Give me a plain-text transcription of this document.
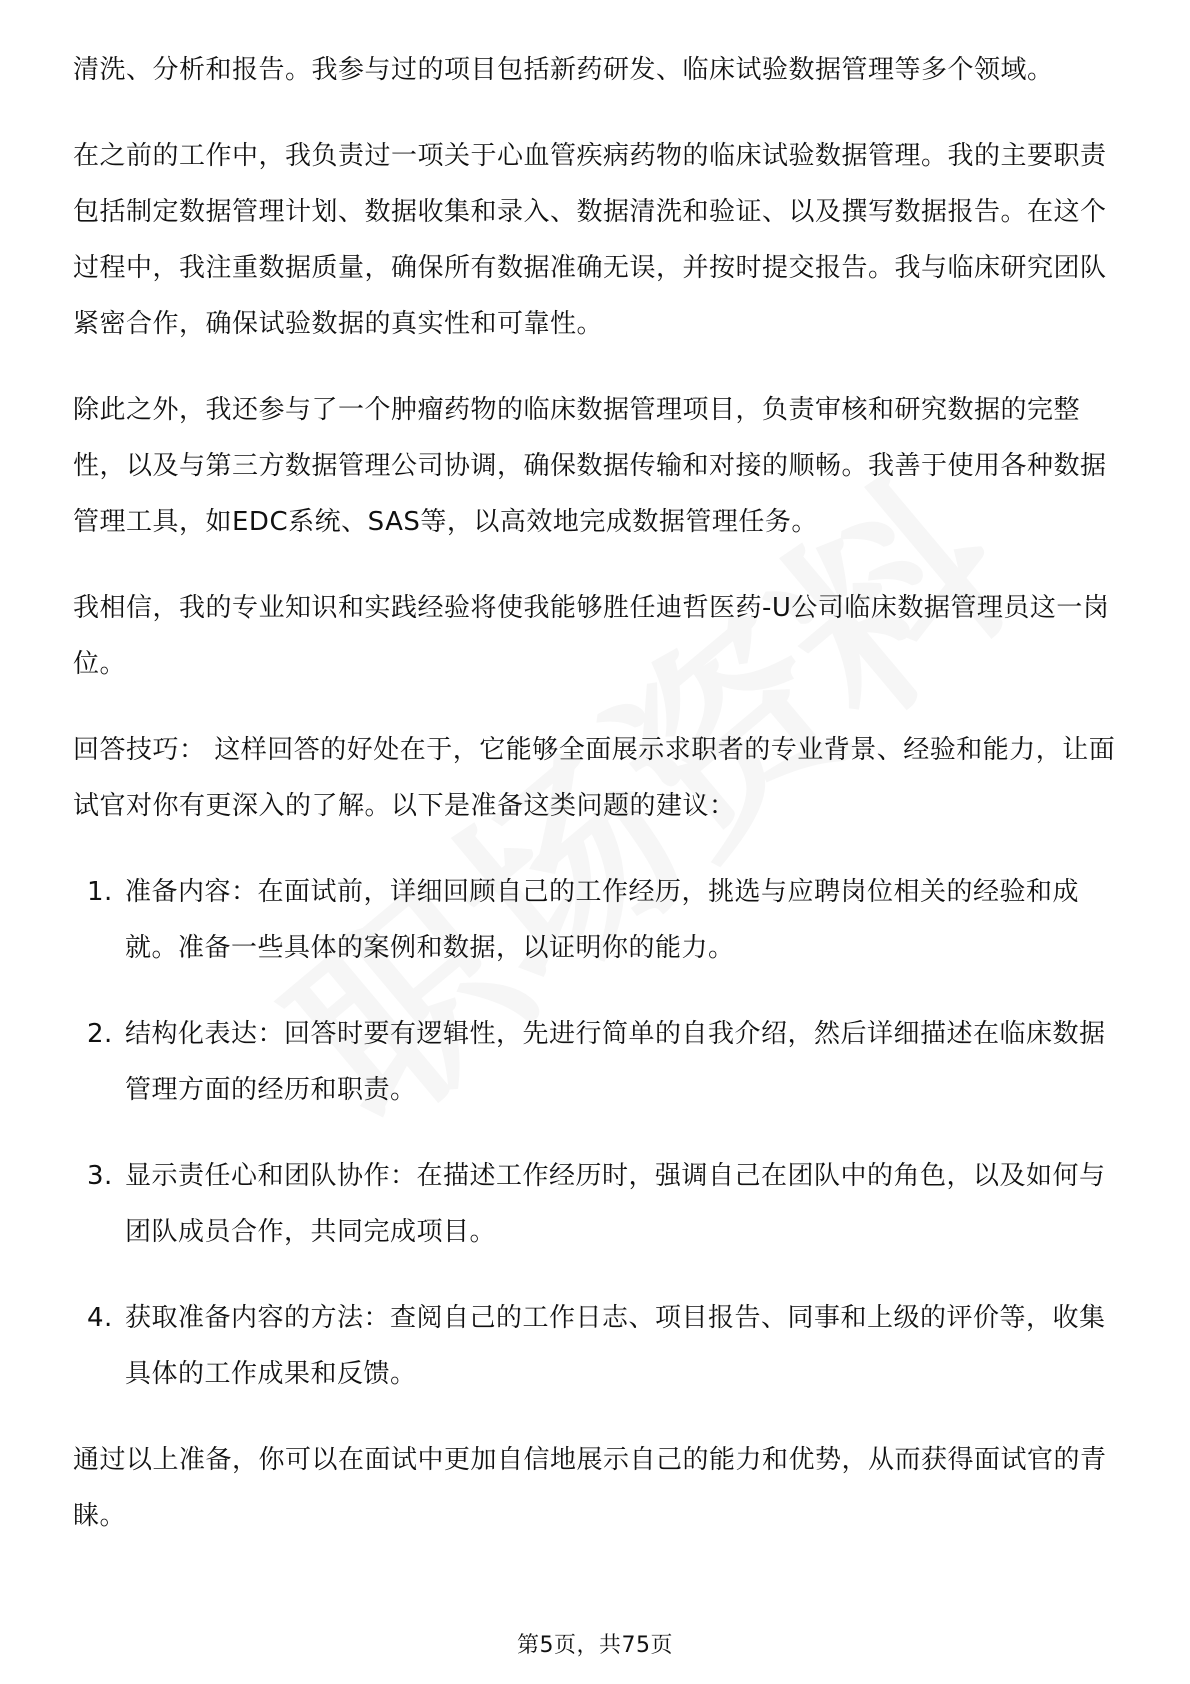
清洗、分析和报告。我参与过的项目包括新药研发、临床试验数据管理等多个领域。

在之前的工作中，我负责过一项关于心血管疾病药物的临床试验数据管理。我的主要职责包括制定数据管理计划、数据收集和录入、数据清洗和验证、以及撰写数据报告。在这个过程中，我注重数据质量，确保所有数据准确无误，并按时提交报告。我与临床研究团队紧密合作，确保试验数据的真实性和可靠性。

除此之外，我还参与了一个肿瘤药物的临床数据管理项目，负责审核和研究数据的完整性，以及与第三方数据管理公司协调，确保数据传输和对接的顺畅。我善于使用各种数据管理工具，如EDC系统、SAS等，以高效地完成数据管理任务。

我相信，我的专业知识和实践经验将使我能够胜任迪哲医药-U公司临床数据管理员这一岗位。

回答技巧： 这样回答的好处在于，它能够全面展示求职者的专业背景、经验和能力，让面试官对你有更深入的了解。以下是准备这类问题的建议：

1. 准备内容：在面试前，详细回顾自己的工作经历，挑选与应聘岗位相关的经验和成就。准备一些具体的案例和数据，以证明你的能力。
2. 结构化表达：回答时要有逻辑性，先进行简单的自我介绍，然后详细描述在临床数据管理方面的经历和职责。
3. 显示责任心和团队协作：在描述工作经历时，强调自己在团队中的角色，以及如何与团队成员合作，共同完成项目。
4. 获取准备内容的方法：查阅自己的工作日志、项目报告、同事和上级的评价等，收集具体的工作成果和反馈。

通过以上准备，你可以在面试中更加自信地展示自己的能力和优势，从而获得面试官的青睐。

第5页，共75页
